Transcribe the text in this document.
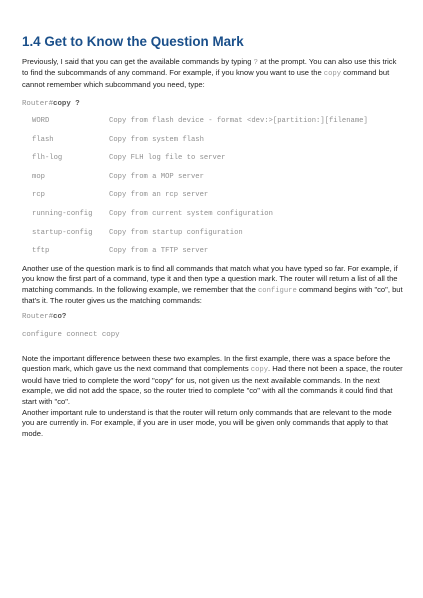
1.4 Get to Know the Question Mark
Previously, I said that you can get the available commands by typing ? at the prompt. You can also use this trick to find the subcommands of any command. For example, if you know you want to use the copy command but cannot remember which subcommand you need, type:
Router#copy ?
WORD	Copy from flash device - format <dev:>[partition:][filename]
flash	Copy from system flash
flh-log	Copy FLH log file to server
mop	Copy from a MOP server
rcp	Copy from an rcp server
running-config Copy from current system configuration
startup-config Copy from startup configuration
tftp	Copy from a TFTP server
Another use of the question mark is to find all commands that match what you have typed so far. For example, if you know the first part of a command, type it and then type a question mark. The router will return a list of all the matching commands. In the following example, we remember that the configure command begins with "co", but that's it. The router gives us the matching commands:
Router#co?
configure connect copy
Note the important difference between these two examples. In the first example, there was a space before the question mark, which gave us the next command that complements copy. Had there not been a space, the router would have tried to complete the word "copy" for us, not given us the next available commands. In the next example, we did not add the space, so the router tried to complete "co" with all the commands it could find that start with "co".
Another important rule to understand is that the router will return only commands that are relevant to the mode you are currently in. For example, if you are in user mode, you will be given only commands that apply to that mode.
